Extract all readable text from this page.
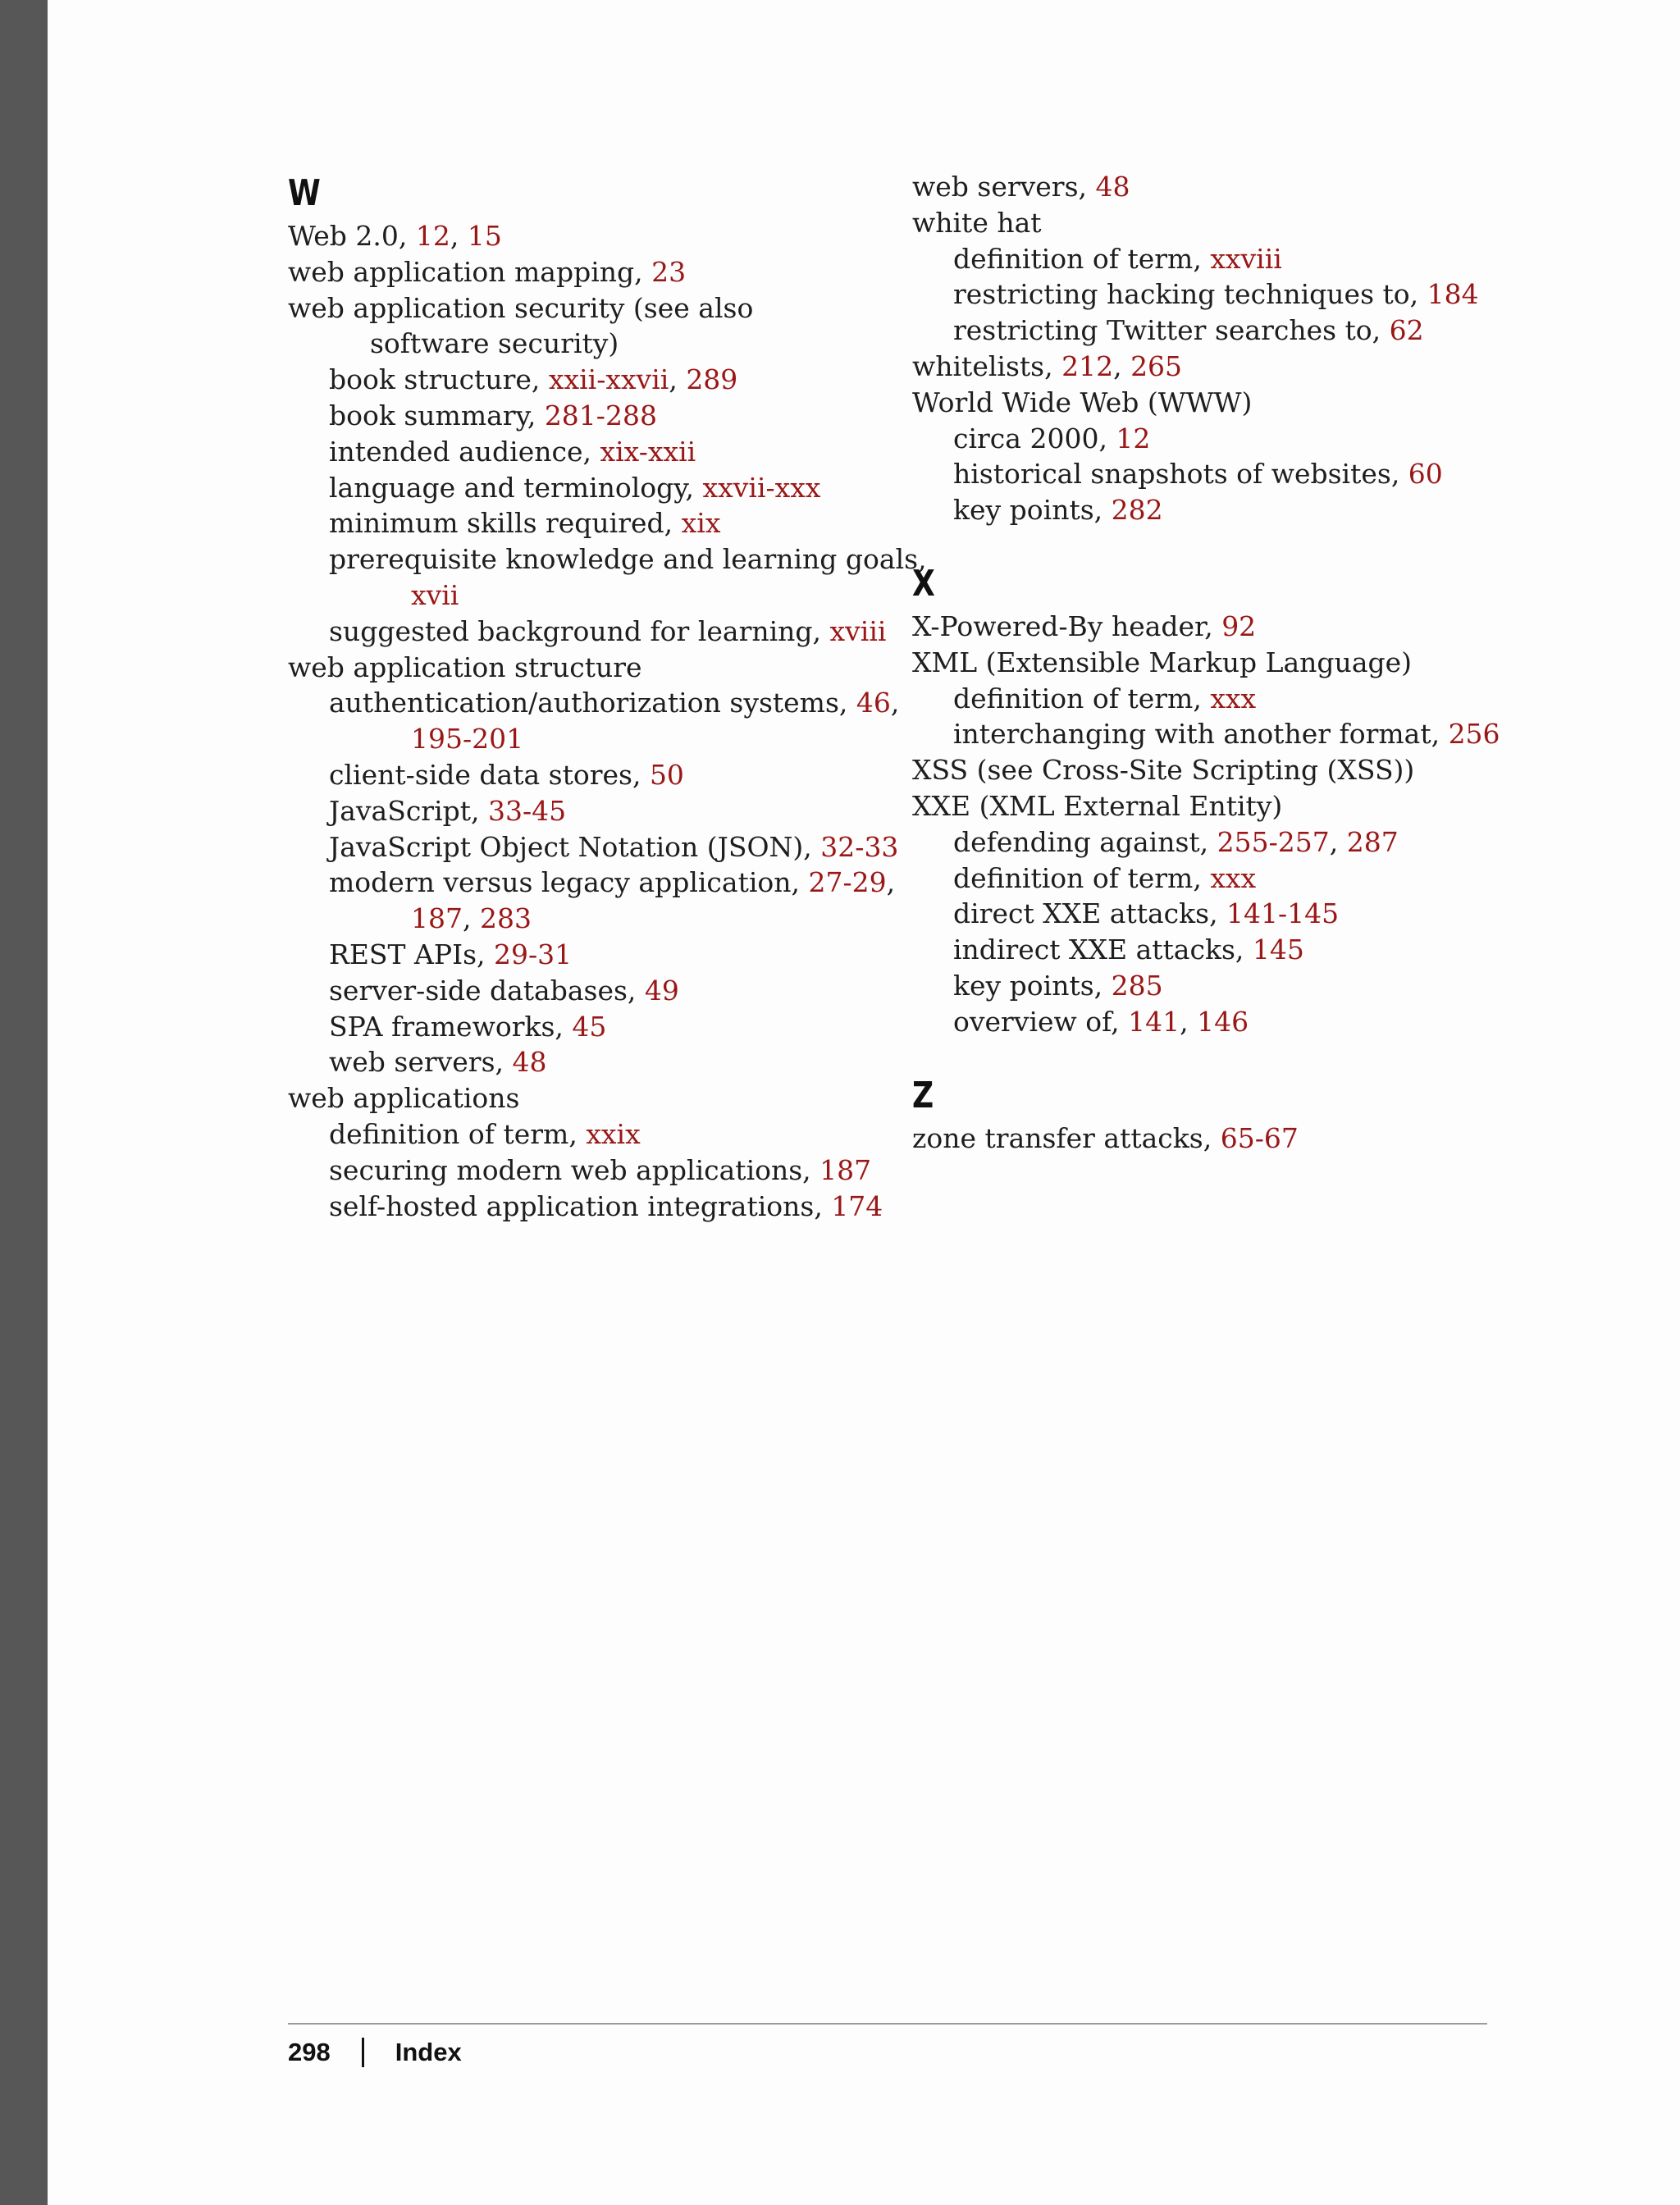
W
Web 2.0, 12, 15
web application mapping, 23
web application security (see also software security)
book structure, xxii-xxvii, 289
book summary, 281-288
intended audience, xix-xxii
language and terminology, xxvii-xxx
minimum skills required, xix
prerequisite knowledge and learning goals, xvii
suggested background for learning, xviii
web application structure
authentication/authorization systems, 46, 195-201
client-side data stores, 50
JavaScript, 33-45
JavaScript Object Notation (JSON), 32-33
modern versus legacy application, 27-29, 187, 283
REST APIs, 29-31
server-side databases, 49
SPA frameworks, 45
web servers, 48
web applications
definition of term, xxix
securing modern web applications, 187
self-hosted application integrations, 174
web servers, 48
white hat
definition of term, xxviii
restricting hacking techniques to, 184
restricting Twitter searches to, 62
whitelists, 212, 265
World Wide Web (WWW)
circa 2000, 12
historical snapshots of websites, 60
key points, 282
X
X-Powered-By header, 92
XML (Extensible Markup Language)
definition of term, xxx
interchanging with another format, 256
XSS (see Cross-Site Scripting (XSS))
XXE (XML External Entity)
defending against, 255-257, 287
definition of term, xxx
direct XXE attacks, 141-145
indirect XXE attacks, 145
key points, 285
overview of, 141, 146
Z
zone transfer attacks, 65-67
298	Index
